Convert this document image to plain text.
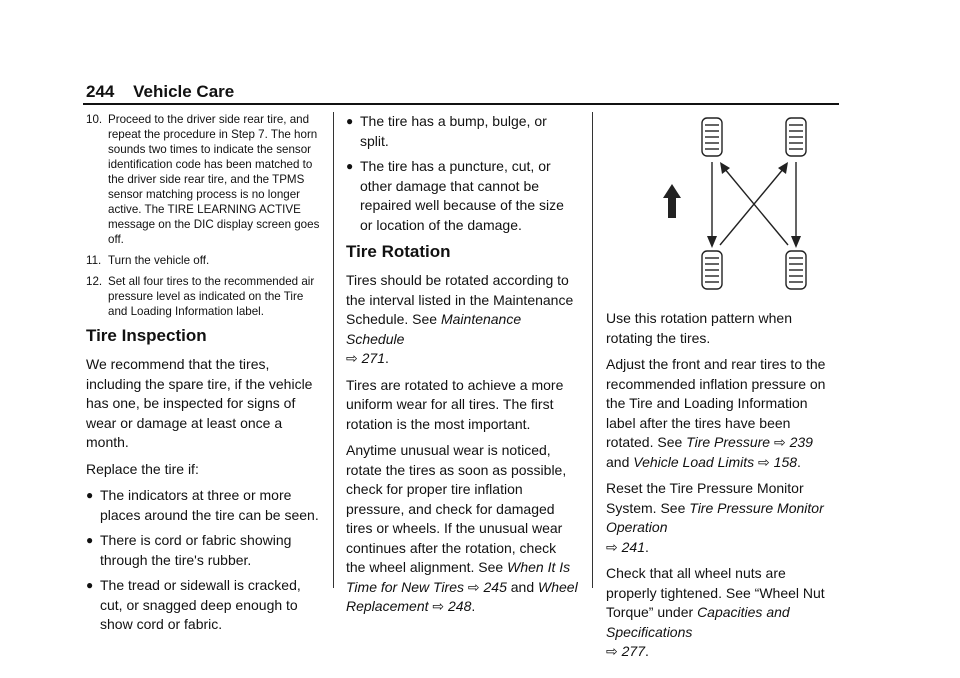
244 Vehicle Care
10. Proceed to the driver side rear tire, and repeat the procedure in Step 7. The horn sounds two times to indicate the sensor identification code has been matched to the driver side rear tire, and the TPMS sensor matching process is no longer active. The TIRE LEARNING ACTIVE message on the DIC display screen goes off.
11. Turn the vehicle off.
12. Set all four tires to the recommended air pressure level as indicated on the Tire and Loading Information label.
Tire Inspection

We recommend that the tires, including the spare tire, if the vehicle has one, be inspected for signs of wear or damage at least once a month.

Replace the tire if:

● The indicators at three or more places around the tire can be seen.
● There is cord or fabric showing through the tire's rubber.
● The tread or sidewall is cracked, cut, or snagged deep enough to show cord or fabric.
● The tire has a bump, bulge, or split.
● The tire has a puncture, cut, or other damage that cannot be repaired well because of the size or location of the damage.
Tire Rotation

Tires should be rotated according to the interval listed in the Maintenance Schedule. See Maintenance Schedule
⇨ 271.

Tires are rotated to achieve a more uniform wear for all tires. The first rotation is the most important.

Anytime unusual wear is noticed, rotate the tires as soon as possible, check for proper tire inflation pressure, and check for damaged tires or wheels. If the unusual wear continues after the rotation, check the wheel alignment. See When It Is Time for New Tires ⇨ 245 and Wheel Replacement ⇨ 248.

Use this rotation pattern when rotating the tires.

Adjust the front and rear tires to the recommended inflation pressure on the Tire and Loading Information label after the tires have been rotated. See Tire Pressure ⇨ 239 and Vehicle Load Limits ⇨ 158.

Reset the Tire Pressure Monitor System. See Tire Pressure Monitor Operation
⇨ 241.

Check that all wheel nuts are properly tightened. See “Wheel Nut Torque” under Capacities and Specifications
⇨ 277.
